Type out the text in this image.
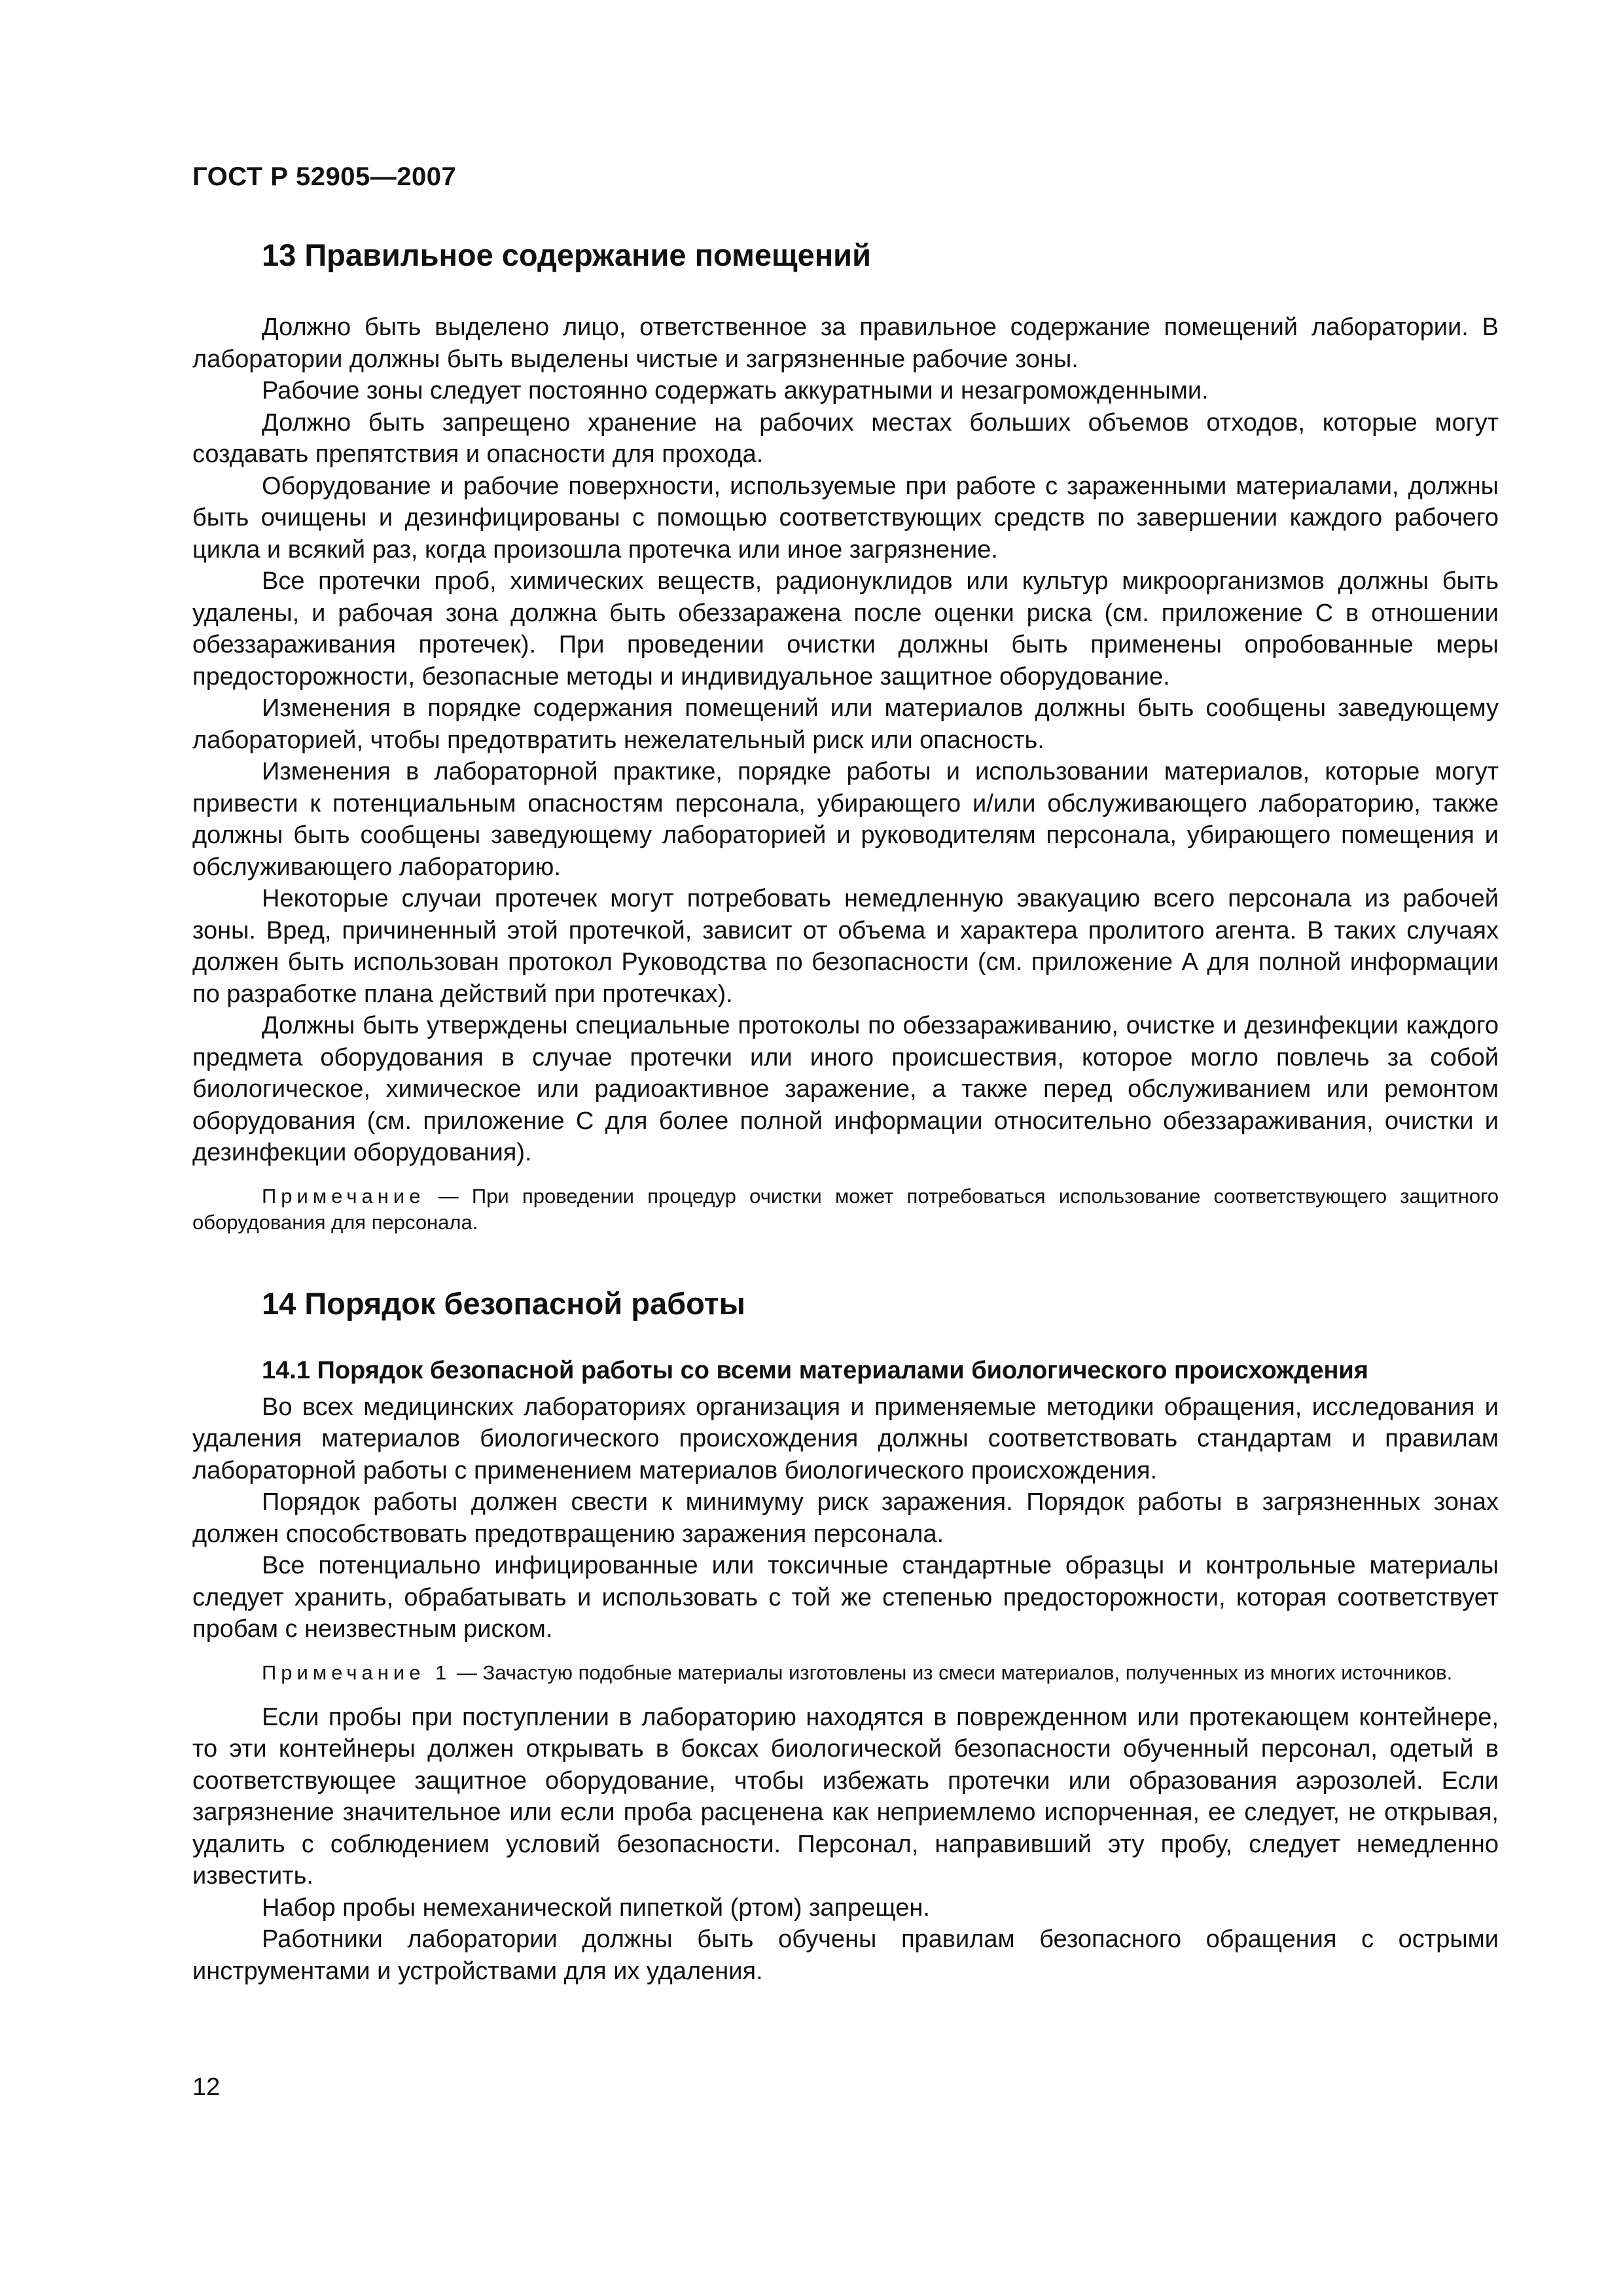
ГОСТ Р 52905—2007
13 Правильное содержание помещений

Должно быть выделено лицо, ответственное за правильное содержание помещений лаборатории. В лаборатории должны быть выделены чистые и загрязненные рабочие зоны.

Рабочие зоны следует постоянно содержать аккуратными и незагроможденными.

Должно быть запрещено хранение на рабочих местах больших объемов отходов, которые могут создавать препятствия и опасности для прохода.

Оборудование и рабочие поверхности, используемые при работе с зараженными материалами, должны быть очищены и дезинфицированы с помощью соответствующих средств по завершении каждого рабочего цикла и всякий раз, когда произошла протечка или иное загрязнение.

Все протечки проб, химических веществ, радионуклидов или культур микроорганизмов должны быть удалены, и рабочая зона должна быть обеззаражена после оценки риска (см. приложение С в отношении обеззараживания протечек). При проведении очистки должны быть применены опробованные меры предосторожности, безопасные методы и индивидуальное защитное оборудование.

Изменения в порядке содержания помещений или материалов должны быть сообщены заведующему лабораторией, чтобы предотвратить нежелательный риск или опасность.

Изменения в лабораторной практике, порядке работы и использовании материалов, которые могут привести к потенциальным опасностям персонала, убирающего и/или обслуживающего лабораторию, также должны быть сообщены заведующему лабораторией и руководителям персонала, убирающего помещения и обслуживающего лабораторию.

Некоторые случаи протечек могут потребовать немедленную эвакуацию всего персонала из рабочей зоны. Вред, причиненный этой протечкой, зависит от объема и характера пролитого агента. В таких случаях должен быть использован протокол Руководства по безопасности (см. приложение А для полной информации по разработке плана действий при протечках).

Должны быть утверждены специальные протоколы по обеззараживанию, очистке и дезинфекции каждого предмета оборудования в случае протечки или иного происшествия, которое могло повлечь за собой биологическое, химическое или радиоактивное заражение, а также перед обслуживанием или ремонтом оборудования (см. приложение С для более полной информации относительно обеззараживания, очистки и дезинфекции оборудования).

Примечание — При проведении процедур очистки может потребоваться использование соответствующего защитного оборудования для персонала.

14 Порядок безопасной работы
14.1 Порядок безопасной работы со всеми материалами биологического происхождения

Во всех медицинских лабораториях организация и применяемые методики обращения, исследования и удаления материалов биологического происхождения должны соответствовать стандартам и правилам лабораторной работы с применением материалов биологического происхождения.

Порядок работы должен свести к минимуму риск заражения. Порядок работы в загрязненных зонах должен способствовать предотвращению заражения персонала.

Все потенциально инфицированные или токсичные стандартные образцы и контрольные материалы следует хранить, обрабатывать и использовать с той же степенью предосторожности, которая соответствует пробам с неизвестным риском.

Примечание 1 — Зачастую подобные материалы изготовлены из смеси материалов, полученных из многих источников.

Если пробы при поступлении в лабораторию находятся в поврежденном или протекающем контейнере, то эти контейнеры должен открывать в боксах биологической безопасности обученный персонал, одетый в соответствующее защитное оборудование, чтобы избежать протечки или образования аэрозолей. Если загрязнение значительное или если проба расценена как неприемлемо испорченная, ее следует, не открывая, удалить с соблюдением условий безопасности. Персонал, направивший эту пробу, следует немедленно известить.

Набор пробы немеханической пипеткой (ртом) запрещен.

Работники лаборатории должны быть обучены правилам безопасного обращения с острыми инструментами и устройствами для их удаления.

12
